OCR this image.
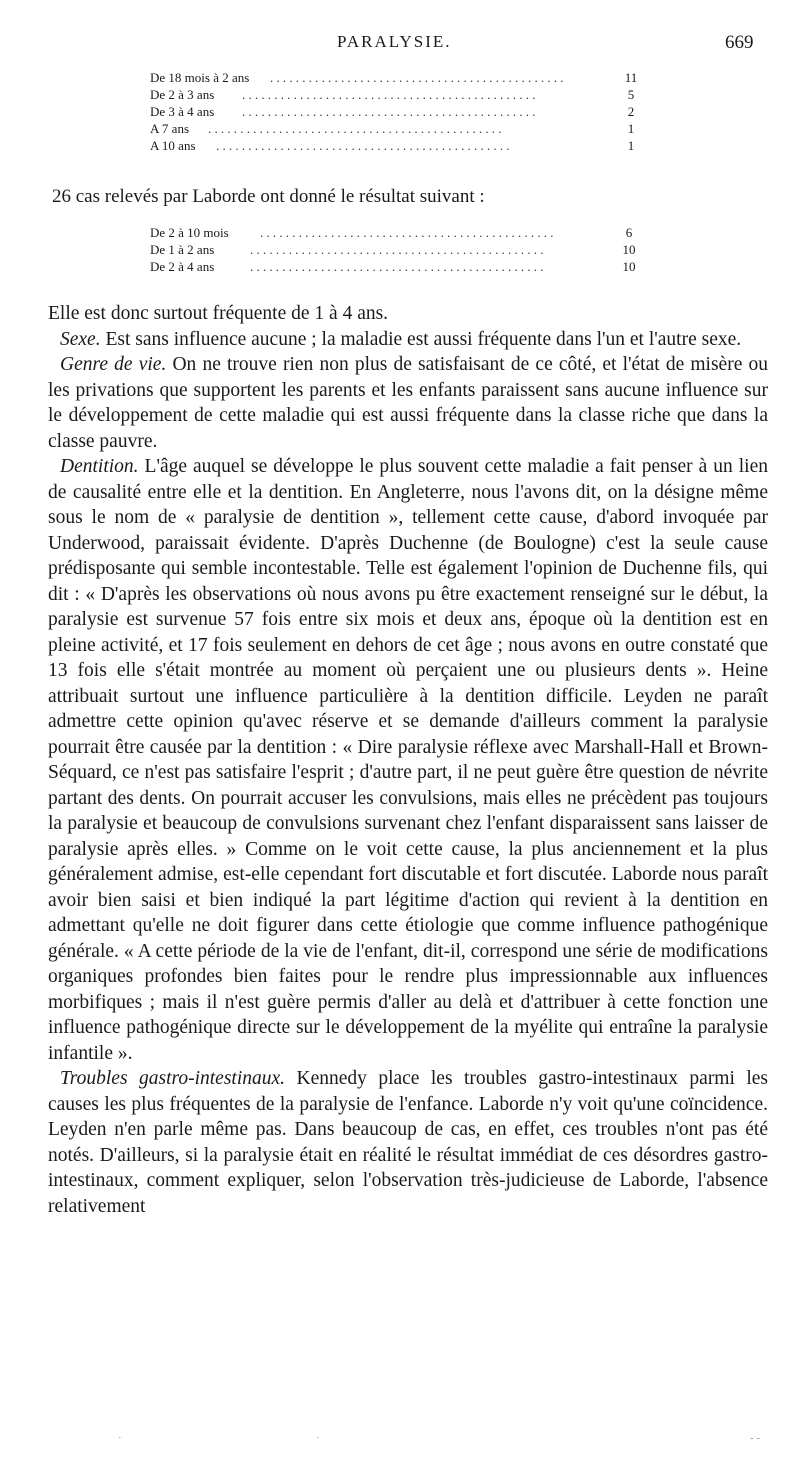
PARALYSIE.	669
De 18 mois à 2 ans ..............................................	11
De 2 à 3 ans ..............................................	5
De 3 à 4 ans ..............................................	2
A 7 ans ..............................................	1
A 10 ans ..............................................	1
26 cas relevés par Laborde ont donné le résultat suivant :
De 2 à 10 mois ..............................................	6
De 1 à 2 ans	..............................................	10
De 2 à 4 ans	..............................................	10

Elle est donc surtout fréquente de 1 à 4 ans.

Sexe. Est sans influence aucune ; la maladie est aussi fréquente dans l'un et l'autre sexe.

Genre de vie. On ne trouve rien non plus de satisfaisant de ce côté, et l'état de misère ou les privations que supportent les parents et les enfants paraissent sans aucune influence sur le développement de cette maladie qui est aussi fréquente dans la classe riche que dans la classe pauvre.

Dentition. L'âge auquel se développe le plus souvent cette maladie a fait penser à un lien de causalité entre elle et la dentition. En Angleterre, nous l'avons dit, on la désigne même sous le nom de « paralysie de dentition », tellement cette cause, d'abord invoquée par Underwood, paraissait évidente. D'après Duchenne (de Boulogne) c'est la seule cause prédisposante qui semble incontestable. Telle est également l'opinion de Duchenne fils, qui dit : « D'après les observations où nous avons pu être exactement renseigné sur le début, la paralysie est survenue 57 fois entre six mois et deux ans, époque où la dentition est en pleine activité, et 17 fois seulement en dehors de cet âge ; nous avons en outre constaté que 13 fois elle s'était montrée au moment où perçaient une ou plusieurs dents ». Heine attribuait surtout une influence particulière à la dentition difficile. Leyden ne paraît admettre cette opinion qu'avec réserve et se demande d'ailleurs comment la paralysie pourrait être causée par la dentition : « Dire paralysie réflexe avec Marshall-Hall et Brown-Séquard, ce n'est pas satisfaire l'esprit ; d'autre part, il ne peut guère être question de névrite partant des dents. On pourrait accuser les convulsions, mais elles ne précèdent pas toujours la paralysie et beaucoup de convulsions survenant chez l'enfant disparaissent sans laisser de paralysie après elles. » Comme on le voit cette cause, la plus anciennement et la plus généralement admise, est-elle cependant fort discutable et fort discutée. Laborde nous paraît avoir bien saisi et bien indiqué la part légitime d'action qui revient à la dentition en admettant qu'elle ne doit figurer dans cette étiologie que comme influence pathogénique générale. « A cette période de la vie de l'enfant, dit-il, correspond une série de modifications organiques profondes bien faites pour le rendre plus impressionnable aux influences morbifiques ; mais il n'est guère permis d'aller au delà et d'attribuer à cette fonction une influence pathogénique directe sur le développement de la myélite qui entraîne la paralysie infantile ».

Troubles gastro-intestinaux. Kennedy place les troubles gastro-intestinaux parmi les causes les plus fréquentes de la paralysie de l'enfance. Laborde n'y voit qu'une coïncidence. Leyden n'en parle même pas. Dans beaucoup de cas, en effet, ces troubles n'ont pas été notés. D'ailleurs, si la paralysie était en réalité le résultat immédiat de ces désordres gastro-intestinaux, comment expliquer, selon l'observation très-judicieuse de Laborde, l'absence relativement

·	·	- -
